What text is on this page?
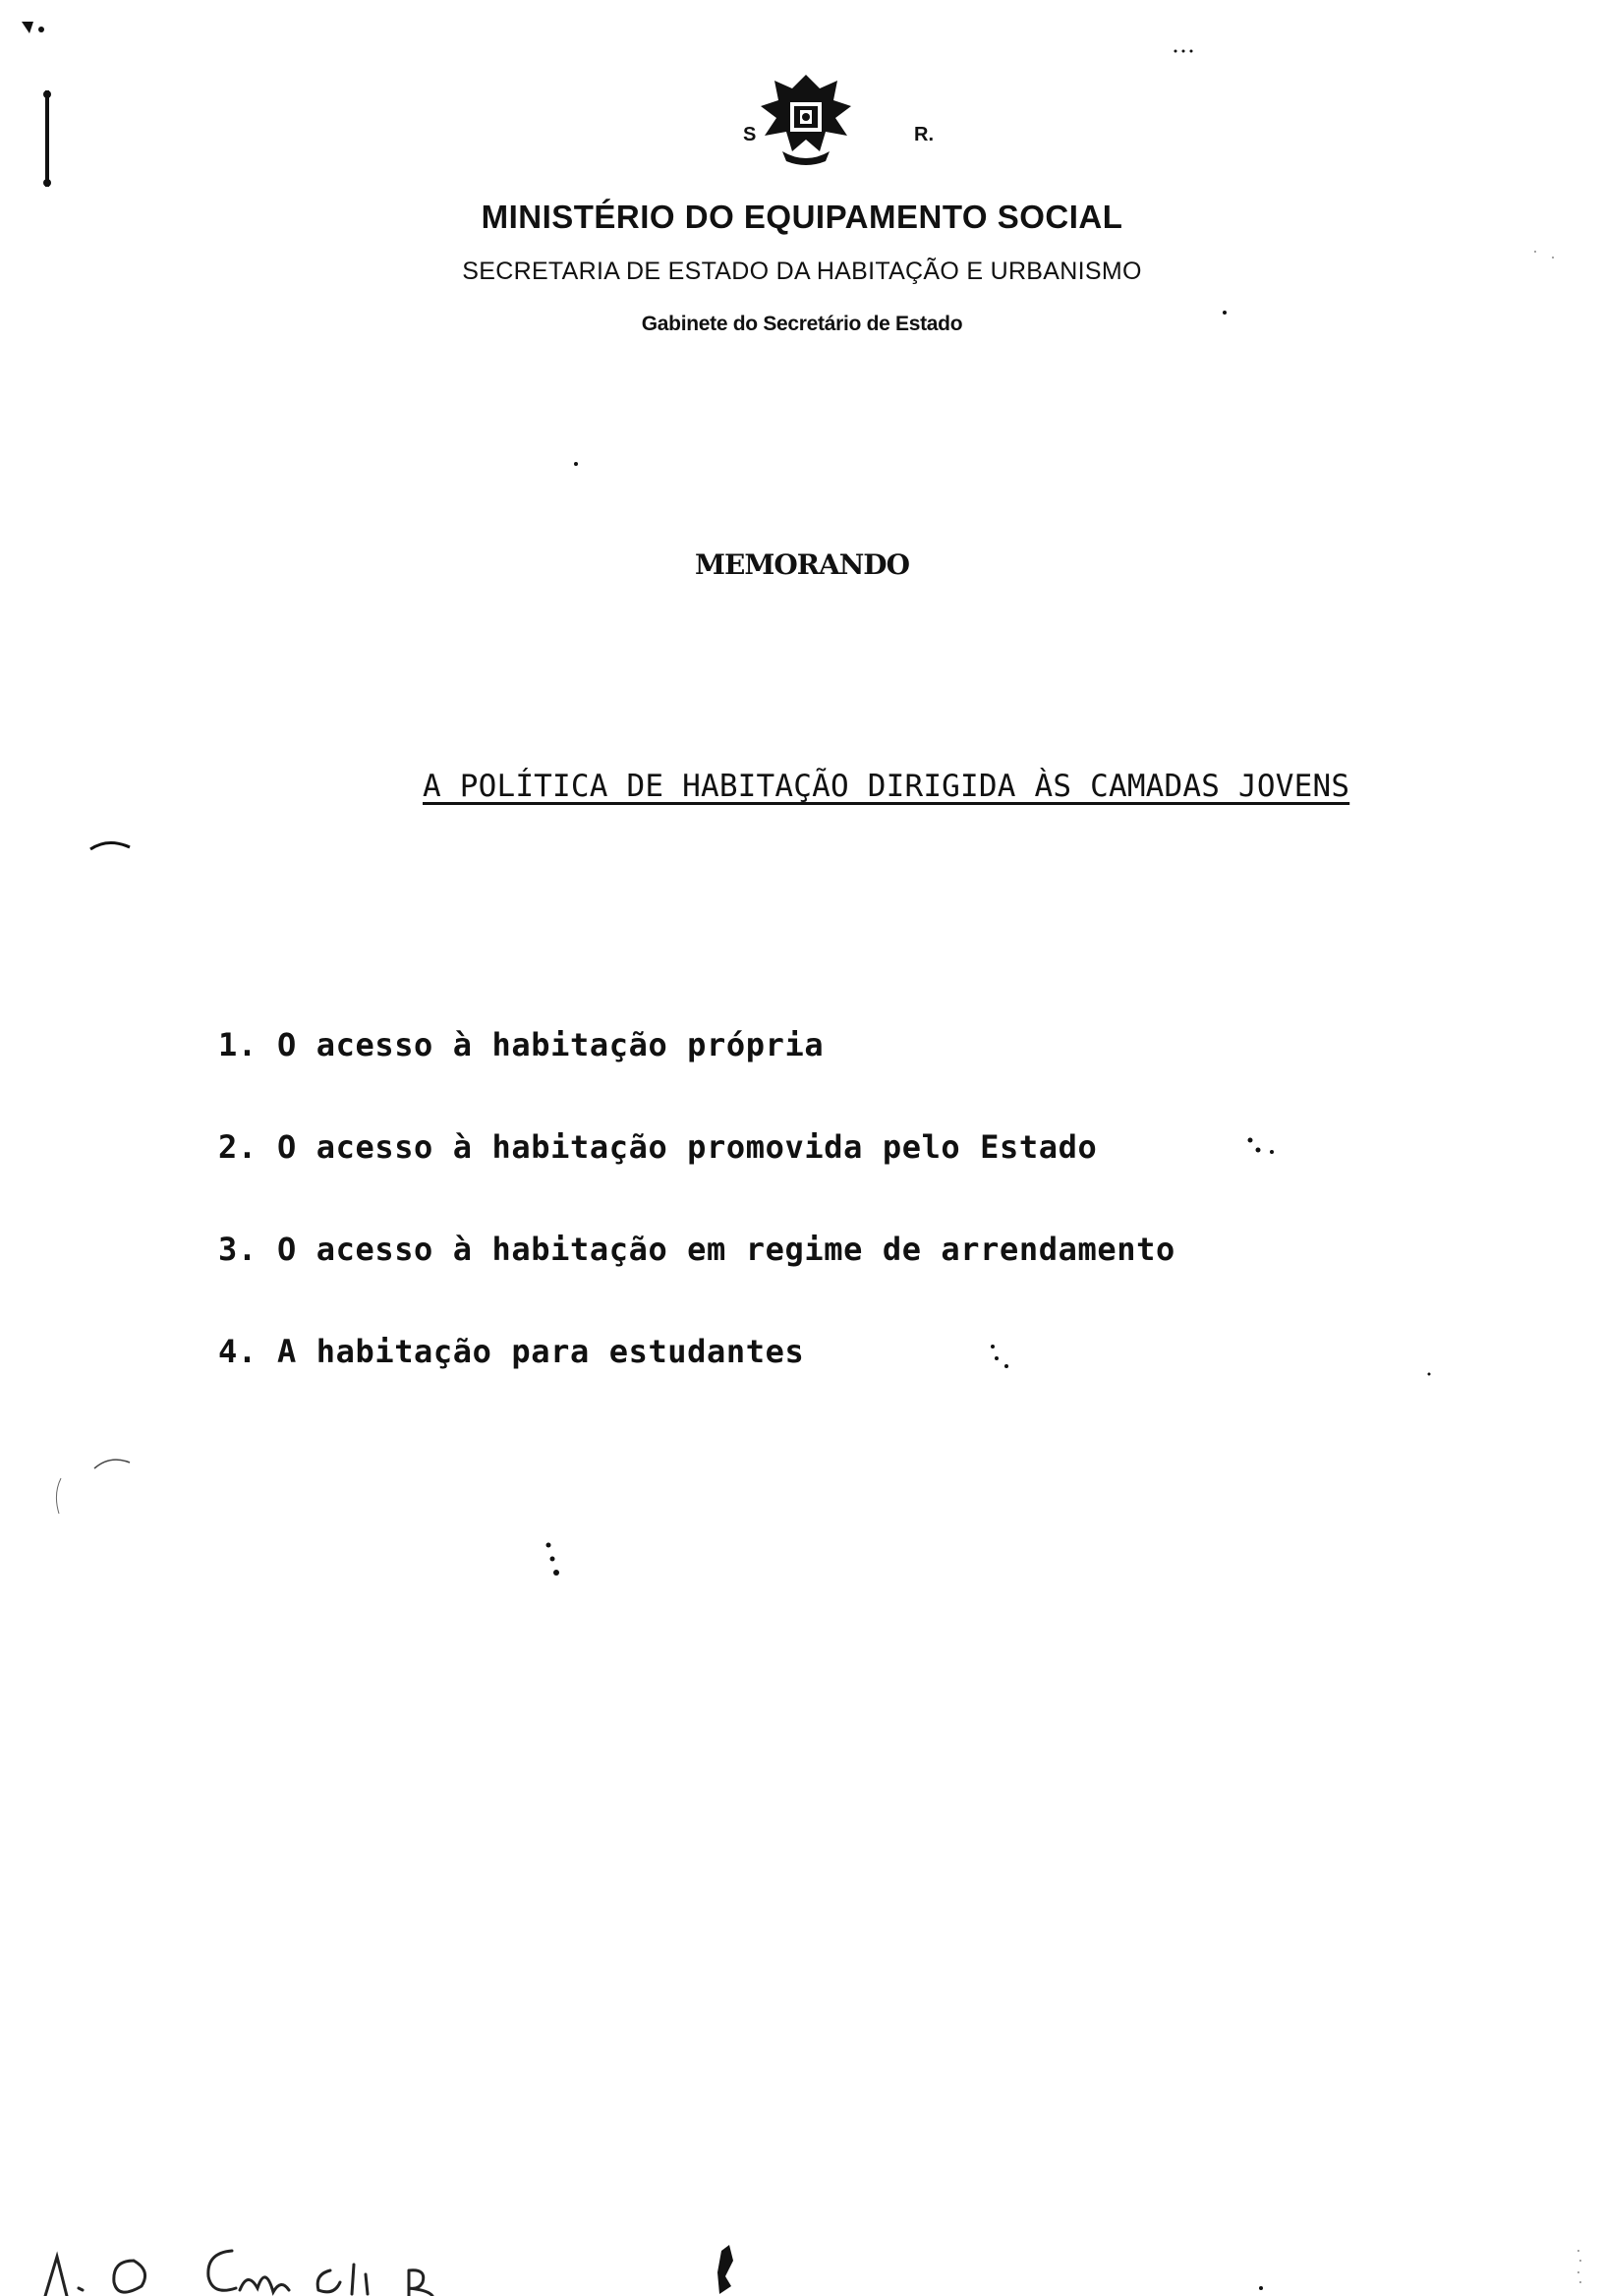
S	R.
MINISTÉRIO DO EQUIPAMENTO SOCIAL
SECRETARIA DE ESTADO DA HABITAÇÃO E URBANISMO
Gabinete do Secretário de Estado
MEMORANDO
A POLÍTICA DE HABITAÇÃO DIRIGIDA ÀS CAMADAS JOVENS
1. O acesso à habitação própria
2. O acesso à habitação promovida pelo Estado
3. O acesso à habitação em regime de arrendamento
4. A habitação para estudantes
